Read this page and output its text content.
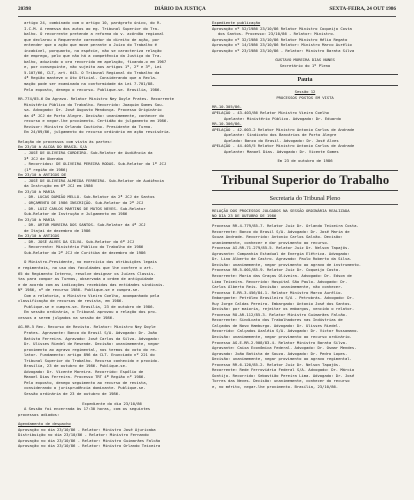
20398	DIÁRIO DA JUSTIÇA	SEXTA-FEIRA, 24 OUT 1986
artigo 24, combinado com o artigo 10, parágrafo único, do R.
I.C.M. A remessa dos autos ao eg. Tribunal Superior do Tra-
balho. O recorrente pretende a reforma do v. acórdão regional
que declarou o Requerente carecedor do direito de ação, por
entender que a ação que move perante o Juízo do Trabalho é
incabível, porquanto, na espécie, não se caracteriza relação
de emprego, pelo que não há a competência da Justiça do Tra-
balho, aduzindo o ora recorrido em apelação, fixando-o em 1967
e, por conseguinte, não sujeita aos artigos 1º, 2º e 3º, Lei
5.107/66, CLT, art. 643. O Tribunal Regional do Trabalho da
4ª Região manteve o Ato Oficial. Considerando que a Recla-
mação pode ser examinada na conformidade da Lei 7.701/88.
Pelo exposto, denego o recurso. Publique-se. Brasília, 1986.
RR-774/85-6 Da Agravo. Relator Ministro Ney Doyle Prates. Recorrente
Ministério Público do Trabalho. Recorrido: Joaquim Gomes Sou-
sa. Advogado: Dr. José Augusto Mendonça. Processo Originário
da 4ª JCJ de Porto Alegre. Decisão: unanimemente, conhecer do
recurso e negar-lhe provimento. Certidão do julgamento em 1986.
Revisor: Ministro Orlando Coutinho. Presidente da Turma.
Em 24/09/86, julgamento do recurso ordinário em ação rescisória.
Relação de processos com vista às partes:
Em 23/10 à ALCOA DO BRASIL S/A
- JOSÉ DE OLIVEIRA CORDEIRO. Sub-Relator de Audiência da
3ª JCJ de Uberaba
- Recorridos: DE OLIVEIRA PEREIRA RODAS. Sub-Relator da 1ª JCJ
(1ª região de 1986)
Em 23/10 à ARTIGOS DE
- JOSÉ DE OLIVEIRA ALMEIDA FERREIRA. Sub-Relator de Audiência
da Instrução em 6ª JCJ em 1986
Em 23/10 à MARIA
- DR. LUCAS DAMIÃO MELLO. Sub-Relator da 2ª JCJ de Santos
- ORÇAMENTO DE 1986 INSCRIÇÃO. Sub-Relator da 2ª JCJ
- DR. LUIZ CARLOS MARTINS DE MATOS NEVES. Sub-Relator
Sub-Relator de Instrução e Julgamento em 1986
Em 23/10 à MARIA
- DR. ARTUR MOREIRA DOS SANTOS. Sub-Relator da 4ª JCJ
de Itajaí de dezembro de 1986
Em 23/10 à ARTIGOS
- DR. JOSÉ ALVES DA SILVA. Sub-Relator da 6ª JCJ
- Recorrente: Ministério Público do Trabalho de 1986
Sub-Relator da 2ª JCJ de Curitiba de dezembro de 1986
O Ministro-Presidente, no exercício das atribuições legais
e regimentais, no uso das faculdades que lhe confere o art.
65 do Regimento Interno, resolve designar os Juízes Classis-
tas para compor as Turmas, observada a ordem de antiguidade
e de acordo com as indicações recebidas das entidades sindicais.
Nº 1986, nº de recurso 1986. Publique-se e cumpra-se.
Com a relatoria, o Ministro Vieira Coelho, acompanhado pela
classificação de recursos de revista, em 1986.
Publique-se e cumpra-se. Brasília, 23 de outubro de 1986.
Em sessão ordinária, o Tribunal aprovou a relação dos pro-
cessos a serem julgados na sessão de 1986.
AG-RR-5 Rec. Recurso de Revista. Relator: Ministro Ney Doyle
Prates. Agravante: Banco do Brasil S/A. Advogado: Dr. João
Batista Ferreira. Agravado: José Carlos da Silva. Advogado:
Dr. Ulisses Riedel de Resende. Decisão: unanimemente, negar
provimento ao agravo regimental, nos termos do voto do re-
lator. Fundamento: artigo 896 da CLT. Enunciado nº 221 do
Tribunal Superior do Trabalho. Recurso conhecido e provido.
Brasília, 23 de outubro de 1986. Publique-se.
Advogado: Dr. Vicente Moreira. Recorrido: Espólio de
Manoel Dias Ferreira. Processo TRT 4ª Região nº 1986.
Pelo exposto, denego seguimento ao recurso de revista,
considerando a jurisprudência dominante. Publique-se.
Sessão ordinária de 23 de outubro de 1986.
Expediente do dia 23/10/86
A Sessão foi encerrada às 17:30 horas, com os seguintes
processos adiados:
Agendamento de despacho
Aprovação no dia 23/10/86 - Relator: Ministro José Ajuricaba
Distribuição no dia 23/10/86 - Relator: Ministro Fernando
Aprovação no dia 23/10/86 - Relator: Ministro Guimarães Falcão
Aprovação no dia 23/10/86 - Relator: Ministro Orlando Teixeira
Expediente publicação
Aprovação nº 52/1986 23/10/86 Relator Ministro Coqueijo Costa
dos Santos. Processo: 23/10/86 - Relator: Ministro.
Aprovação nº 32/1986 23/10/86 Relator Ministro Hélio Regato
Aprovação nº 14/1986 23/10/86 Relator: Ministro Marco Aurélio
Aprovação nº 23/1986 23/10/86 - Relator: Ministro Barata Silva
GUSTAVO MOREIRA DIAS NUNES
Secretário do 1º Pleno
Pauta
Sessão 12
PROCESSOS POSTOS EM VISTA
RR-10.305/86-
APELAÇÃO - 43.403/86 Relator Ministro Vieira Coelho
Apelante: Ministério Público. Advogado: Dr. Eduardo
RR-10.306/86-
APELAÇÃO - 42.003-2 Relator Ministro Antonio Carlos de Andrade
Apelante: Sindicato dos Bancários de Porto Alegre
Apelado: Banco do Brasil. Advogado: Dr. José Alves
APELAÇÃO - 44.405/5 Relator Ministro Antonio Carlos de Andrade
Apelante: Manoel Dias. Advogado: Dr. Vicente Gomes
Em 23 de outubro de 1986
Tribunal Superior do Trabalho
Secretaria do Tribunal Pleno
RELAÇÃO DOS PROCESSOS JULGADOS NA SESSÃO ORDINÁRIA REALIZADA
NO DIA 23 DE OUTUBRO DE 1986
Processo RR-4.779/85-7. Relator Juiz Dr. Orlando Teixeira Costa.
Recorrente: Banco do Brasil S/A. Advogado: Dr. José Maria de
Souza Andrade. Recorrido: Antonio Carlos Galvão. Decisão:
unanimemente, conhecer e dar provimento ao recurso.
Processo AI-RR-71.279/85-5. Relator Juiz Dr. Nelson Tapajós.
Agravante: Companhia Estadual de Energia Elétrica. Advogado:
Dr. Lino Alberto de Castro. Agravado: Paulo Roberto da Silva.
Decisão: unanimemente, negar provimento ao agravo de instrumento.
Processo RR-5.001/85-9. Relator Juiz Dr. Coqueijo Costa.
Recorrente: Maria das Graças Oliveira. Advogado: Dr. Edson de
Lima Teixeira. Recorrido: Hospital São Paulo. Advogado: Dr.
Carlos Alberto Reis. Decisão: unanimemente, não conhecer.
Processo E-RR-3.456/84-1. Relator Ministro Marco Aurélio.
Embargante: Petróleo Brasileiro S/A - Petrobrás. Advogado: Dr.
Ruy Jorge Caldas Pereira. Embargado: Antonio José dos Santos.
Decisão: por maioria, rejeitar os embargos, vencido o relator.
Processo RO-AR-112/85-3. Relator Ministro Guimarães Falcão.
Recorrente: Sindicato dos Trabalhadores nas Indústrias de
Calçados de Novo Hamburgo. Advogado: Dr. Ulisses Riedel.
Recorrido: Calçados Azaléia S/A. Advogado: Dr. Victor Russomano.
Decisão: unanimemente, negar provimento ao recurso ordinário.
Processo AG-E-RR-2.908/83-4. Relator Ministro Barata Silva.
Agravante: Caixa Econômica Federal. Advogado: Dr. Osmar Mendes.
Agravado: João Batista de Souza. Advogado: Dr. Pedro Lopes.
Decisão: unanimemente, negar provimento ao agravo regimental.
Processo RR-6.120/85-2. Relator Juiz Dr. Nelson Tapajós.
Recorrente: Rede Ferroviária Federal S/A. Advogado: Dr. Márcio
Gontijo. Recorrido: Sebastião Pereira Lima. Advogado: Dr. José
Torres das Neves. Decisão: unanimemente, conhecer do recurso
e, no mérito, negar-lhe provimento. Brasília, 23/10/86.
